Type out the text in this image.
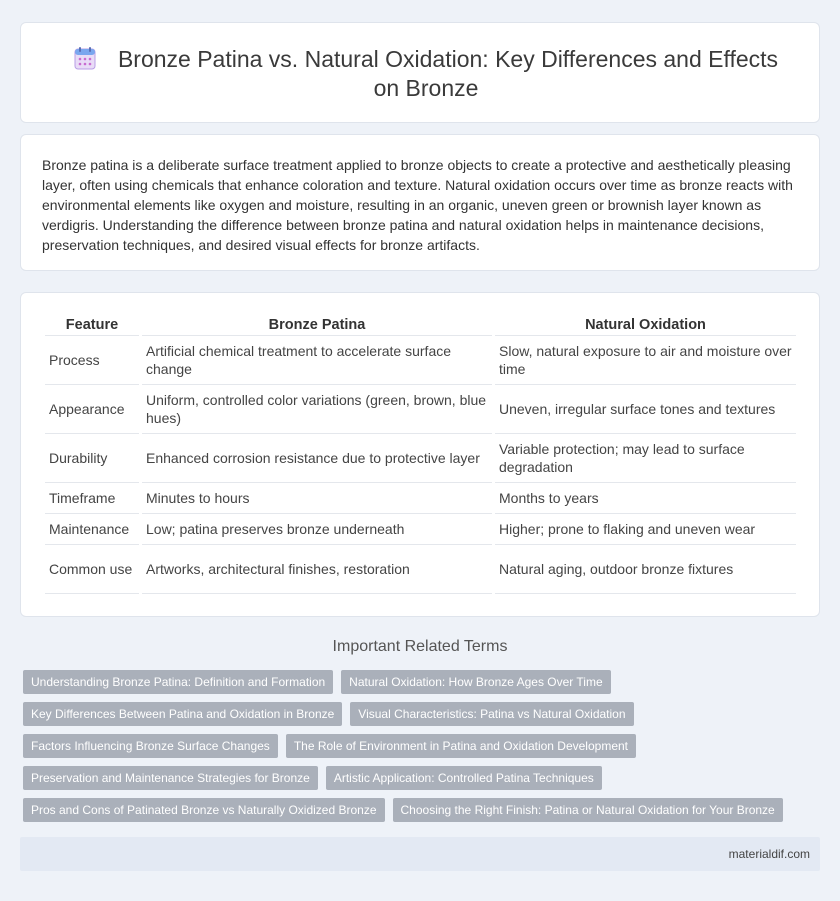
Bronze Patina vs. Natural Oxidation: Key Differences and Effects on Bronze

Bronze patina is a deliberate surface treatment applied to bronze objects to create a protective and aesthetically pleasing layer, often using chemicals that enhance coloration and texture. Natural oxidation occurs over time as bronze reacts with environmental elements like oxygen and moisture, resulting in an organic, uneven green or brownish layer known as verdigris. Understanding the difference between bronze patina and natural oxidation helps in maintenance decisions, preservation techniques, and desired visual effects for bronze artifacts.

Feature	Bronze Patina	Natural Oxidation
Process	Artificial chemical treatment to accelerate surface change	Slow, natural exposure to air and moisture over time
Appearance	Uniform, controlled color variations (green, brown, blue hues)	Uneven, irregular surface tones and textures
Durability	Enhanced corrosion resistance due to protective layer	Variable protection; may lead to surface degradation
Timeframe	Minutes to hours	Months to years
Maintenance	Low; patina preserves bronze underneath	Higher; prone to flaking and uneven wear
Common use	Artworks, architectural finishes, restoration	Natural aging, outdoor bronze fixtures
Important Related Terms
Understanding Bronze Patina: Definition and Formation	Natural Oxidation: How Bronze Ages Over Time
Key Differences Between Patina and Oxidation in Bronze	Visual Characteristics: Patina vs Natural Oxidation
Factors Influencing Bronze Surface Changes	The Role of Environment in Patina and Oxidation Development
Preservation and Maintenance Strategies for Bronze	Artistic Application: Controlled Patina Techniques
Pros and Cons of Patinated Bronze vs Naturally Oxidized Bronze	Choosing the Right Finish: Patina or Natural Oxidation for Your Bronze
materialdif.com
